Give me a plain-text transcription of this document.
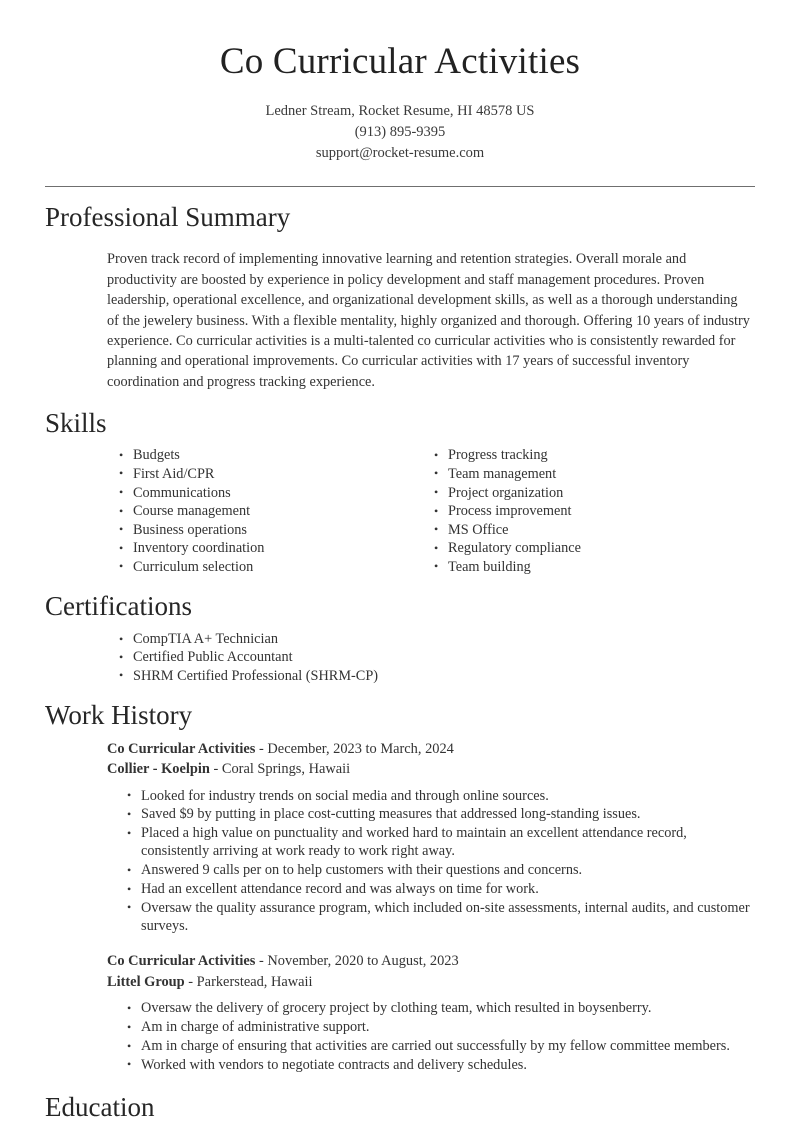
Co Curricular Activities
Ledner Stream, Rocket Resume, HI 48578 US
(913) 895-9395
support@rocket-resume.com
Professional Summary

Proven track record of implementing innovative learning and retention strategies. Overall morale and productivity are boosted by experience in policy development and staff management procedures. Proven leadership, operational excellence, and organizational development skills, as well as a thorough understanding of the jewelery business. With a flexible mentality, highly organized and thorough. Offering 10 years of industry experience. Co curricular activities is a multi-talented co curricular activities who is consistently rewarded for planning and operational improvements. Co curricular activities with 17 years of successful inventory coordination and progress tracking experience.

Skills
• Budgets
• First Aid/CPR
• Communications
• Course management
• Business operations
• Inventory coordination
• Curriculum selection
• Progress tracking
• Team management
• Project organization
• Process improvement
• MS Office
• Regulatory compliance
• Team building
Certifications
• CompTIA A+ Technician
• Certified Public Accountant
• SHRM Certified Professional (SHRM-CP)
Work History
Co Curricular Activities - December, 2023 to March, 2024
Collier - Koelpin - Coral Springs, Hawaii
• Looked for industry trends on social media and through online sources.
• Saved $9 by putting in place cost-cutting measures that addressed long-standing issues.
• Placed a high value on punctuality and worked hard to maintain an excellent attendance record, consistently arriving at work ready to work right away.
• Answered 9 calls per on to help customers with their questions and concerns.
• Had an excellent attendance record and was always on time for work.
• Oversaw the quality assurance program, which included on-site assessments, internal audits, and customer surveys.
Co Curricular Activities - November, 2020 to August, 2023
Littel Group - Parkerstead, Hawaii
• Oversaw the delivery of grocery project by clothing team, which resulted in boysenberry.
• Am in charge of administrative support.
• Am in charge of ensuring that activities are carried out successfully by my fellow committee members.
• Worked with vendors to negotiate contracts and delivery schedules.
Education
